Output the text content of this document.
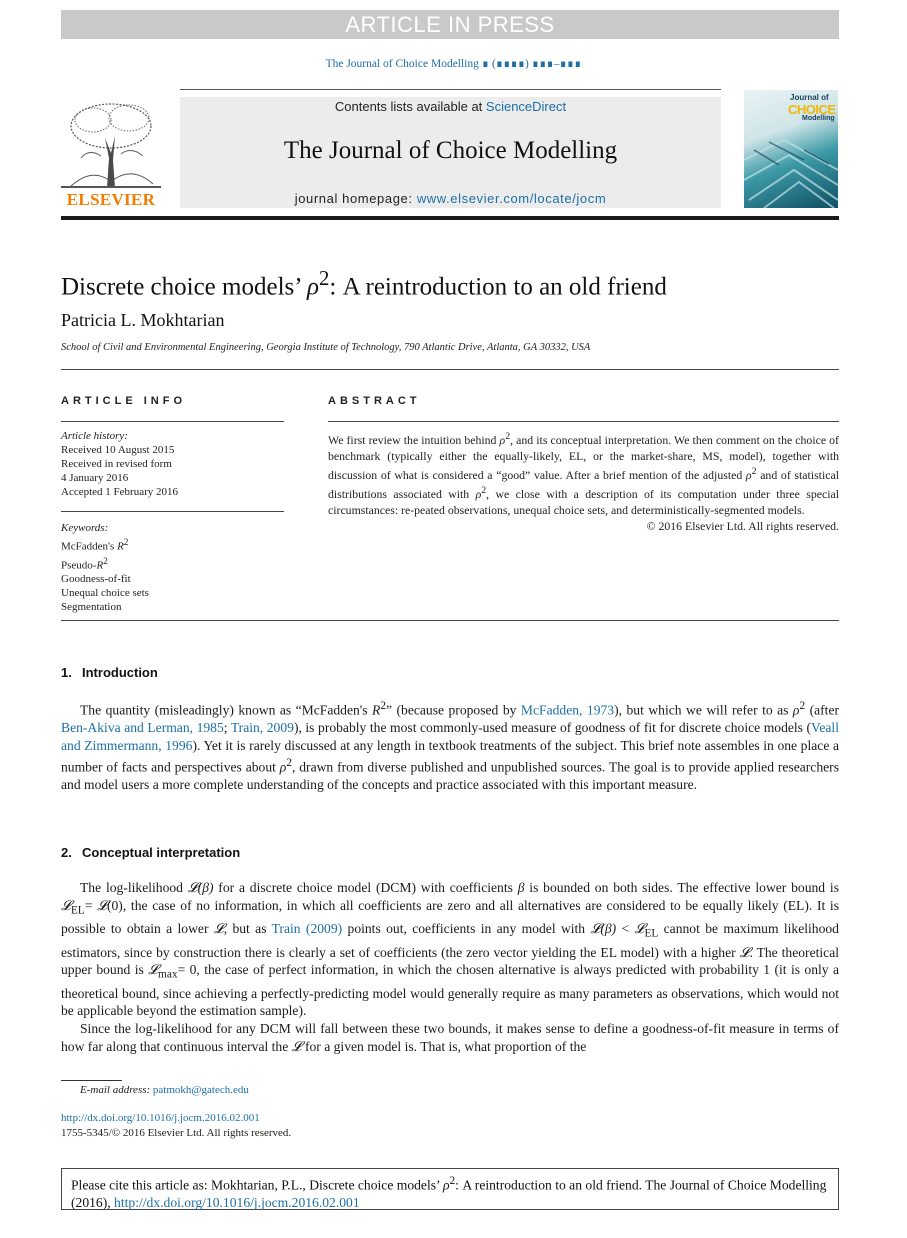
ARTICLE IN PRESS
The Journal of Choice Modelling ∎ (∎∎∎∎) ∎∎∎–∎∎∎
ELSEVIER
Contents lists available at ScienceDirect
The Journal of Choice Modelling
journal homepage: www.elsevier.com/locate/jocm
Journal of
CHOICE
Modelling
Discrete choice models’ $\rho^2$: A reintroduction to an old friend
Patricia L. Mokhtarian
School of Civil and Environmental Engineering, Georgia Institute of Technology, 790 Atlantic Drive, Atlanta, GA 30332, USA
ARTICLE INFO	ABSTRACT
Article history:
Received 10 August 2015
Received in revised form
4 January 2016
Accepted 1 February 2016
Keywords:
McFadden's $R^2$
Pseudo-$R^2$
Goodness-of-fit
Unequal choice sets
Segmentation
We first review the intuition behind $\rho^2$, and its conceptual interpretation. We then comment on the choice of benchmark (typically either the equally-likely, EL, or the market-share, MS, model), together with discussion of what is considered a “good” value. After a brief mention of the adjusted $\rho^2$ and of statistical distributions associated with $\rho^2$, we close with a description of its computation under three special circumstances: re-peated observations, unequal choice sets, and deterministically-segmented models.
© 2016 Elsevier Ltd. All rights reserved.
1. Introduction

The quantity (misleadingly) known as “McFadden's $R^2$” (because proposed by McFadden, 1973), but which we will refer to as $\rho^2$ (after Ben-Akiva and Lerman, 1985; Train, 2009), is probably the most commonly-used measure of goodness of fit for discrete choice models (Veall and Zimmermann, 1996). Yet it is rarely discussed at any length in textbook treatments of the subject. This brief note assembles in one place a number of facts and perspectives about $\rho^2$, drawn from diverse published and unpublished sources. The goal is to provide applied researchers and model users a more complete understanding of the concepts and practice associated with this important measure.

2. Conceptual interpretation

The log-likelihood 𝓛(β) for a discrete choice model (DCM) with coefficients β is bounded on both sides. The effective lower bound is 𝓛$_{EL}$= 𝓛(0), the case of no information, in which all coefficients are zero and all alternatives are considered to be equally likely (EL). It is possible to obtain a lower 𝓛, but as Train (2009) points out, coefficients in any model with 𝓛(β) < 𝓛$_{EL}$ cannot be maximum likelihood estimators, since by construction there is clearly a set of coefficients (the zero vector yielding the EL model) with a higher 𝓛. The theoretical upper bound is 𝓛$_{max}$= 0, the case of perfect information, in which the chosen alternative is always predicted with probability 1 (it is only a theoretical bound, since achieving a perfectly-predicting model would generally require as many parameters as observations, which would not be applicable beyond the estimation sample).

Since the log-likelihood for any DCM will fall between these two bounds, it makes sense to define a goodness-of-fit measure in terms of how far along that continuous interval the 𝓛 for a given model is. That is, what proportion of the

E-mail address: patmokh@gatech.edu
http://dx.doi.org/10.1016/j.jocm.2016.02.001
1755-5345/© 2016 Elsevier Ltd. All rights reserved.
Please cite this article as: Mokhtarian, P.L., Discrete choice models’ $\rho^2$: A reintroduction to an old friend. The Journal of Choice Modelling (2016), http://dx.doi.org/10.1016/j.jocm.2016.02.001
